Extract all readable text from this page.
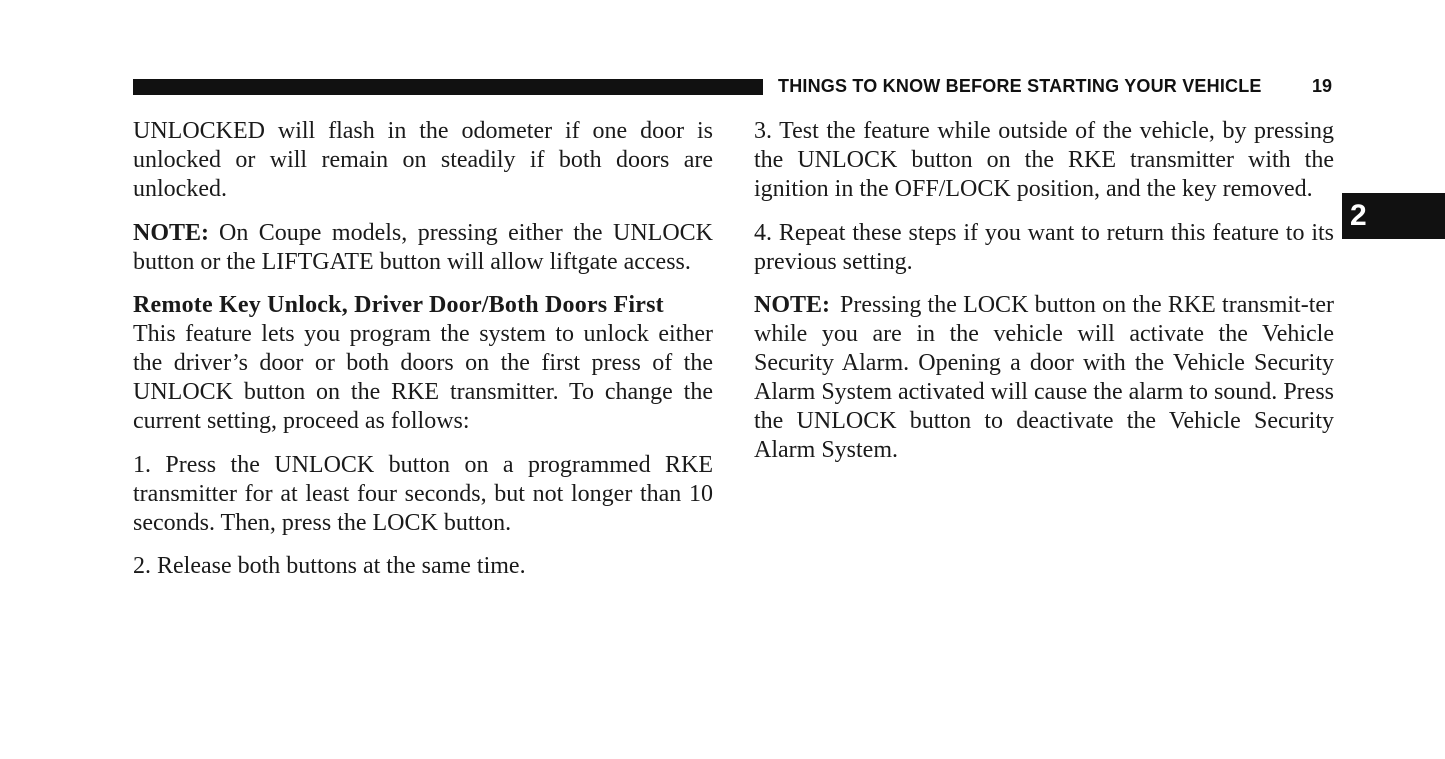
THINGS TO KNOW BEFORE STARTING YOUR VEHICLE	19
2

UNLOCKED will flash in the odometer if one door is unlocked or will remain on steadily if both doors are unlocked.

NOTE: On Coupe models, pressing either the UNLOCK button or the LIFTGATE button will allow liftgate access.

Remote Key Unlock, Driver Door/Both Doors First

This feature lets you program the system to unlock either the driver’s door or both doors on the first press of the UNLOCK button on the RKE transmitter. To change the current setting, proceed as follows:

1. Press the UNLOCK button on a programmed RKE transmitter for at least four seconds, but not longer than 10 seconds. Then, press the LOCK button.

2. Release both buttons at the same time.

3. Test the feature while outside of the vehicle, by pressing the UNLOCK button on the RKE transmitter with the ignition in the OFF/LOCK position, and the key removed.

4. Repeat these steps if you want to return this feature to its previous setting.

NOTE: Pressing the LOCK button on the RKE transmit-ter while you are in the vehicle will activate the Vehicle Security Alarm. Opening a door with the Vehicle Security Alarm System activated will cause the alarm to sound. Press the UNLOCK button to deactivate the Vehicle Security Alarm System.
